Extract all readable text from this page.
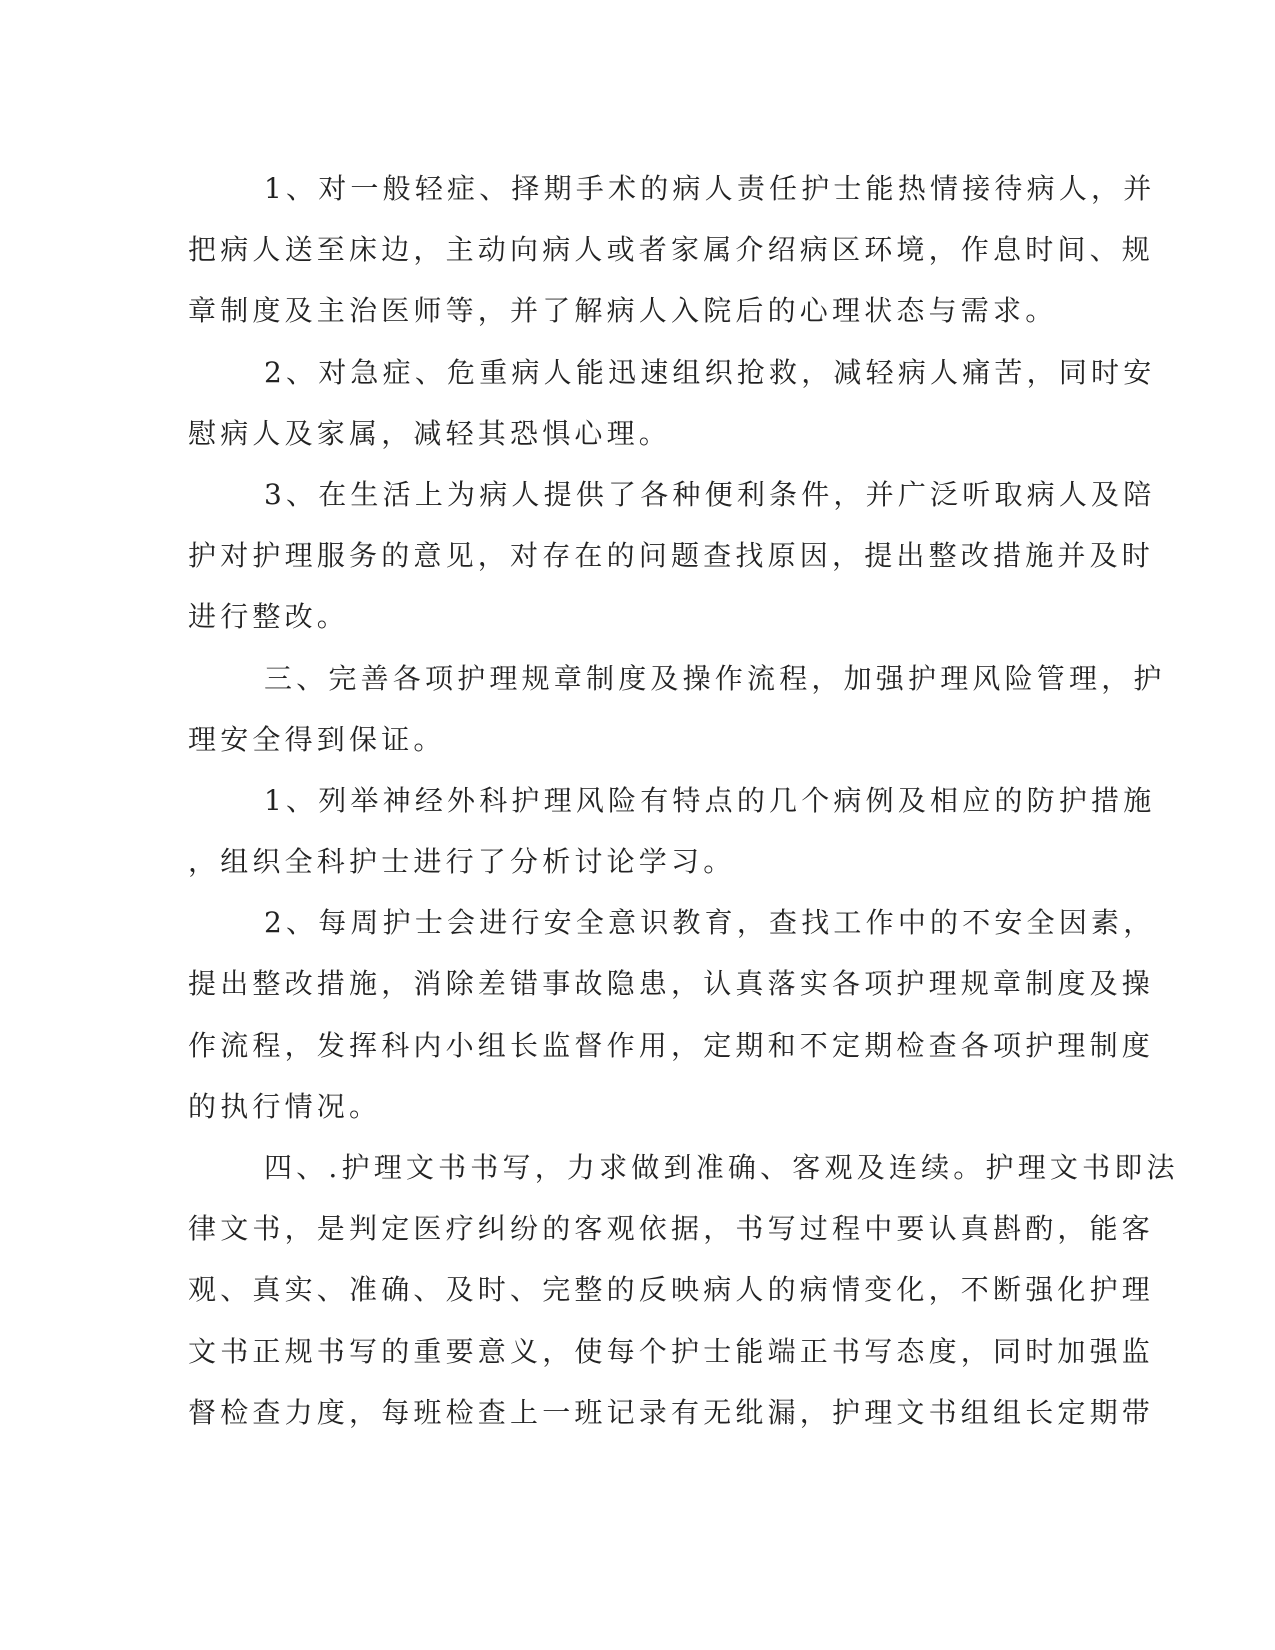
1、对一般轻症、择期手术的病人责任护士能热情接待病人，并
把病人送至床边，主动向病人或者家属介绍病区环境，作息时间、规
章制度及主治医师等，并了解病人入院后的心理状态与需求。
2、对急症、危重病人能迅速组织抢救，减轻病人痛苦，同时安
慰病人及家属，减轻其恐惧心理。
3、在生活上为病人提供了各种便利条件，并广泛听取病人及陪
护对护理服务的意见，对存在的问题查找原因，提出整改措施并及时
进行整改。
三、完善各项护理规章制度及操作流程，加强护理风险管理，护
理安全得到保证。
1、列举神经外科护理风险有特点的几个病例及相应的防护措施
，组织全科护士进行了分析讨论学习。
2、每周护士会进行安全意识教育，查找工作中的不安全因素，
提出整改措施，消除差错事故隐患，认真落实各项护理规章制度及操
作流程，发挥科内小组长监督作用，定期和不定期检查各项护理制度
的执行情况。
四、.护理文书书写，力求做到准确、客观及连续。护理文书即法
律文书，是判定医疗纠纷的客观依据，书写过程中要认真斟酌，能客
观、真实、准确、及时、完整的反映病人的病情变化，不断强化护理
文书正规书写的重要意义，使每个护士能端正书写态度，同时加强监
督检查力度，每班检查上一班记录有无纰漏，护理文书组组长定期带
